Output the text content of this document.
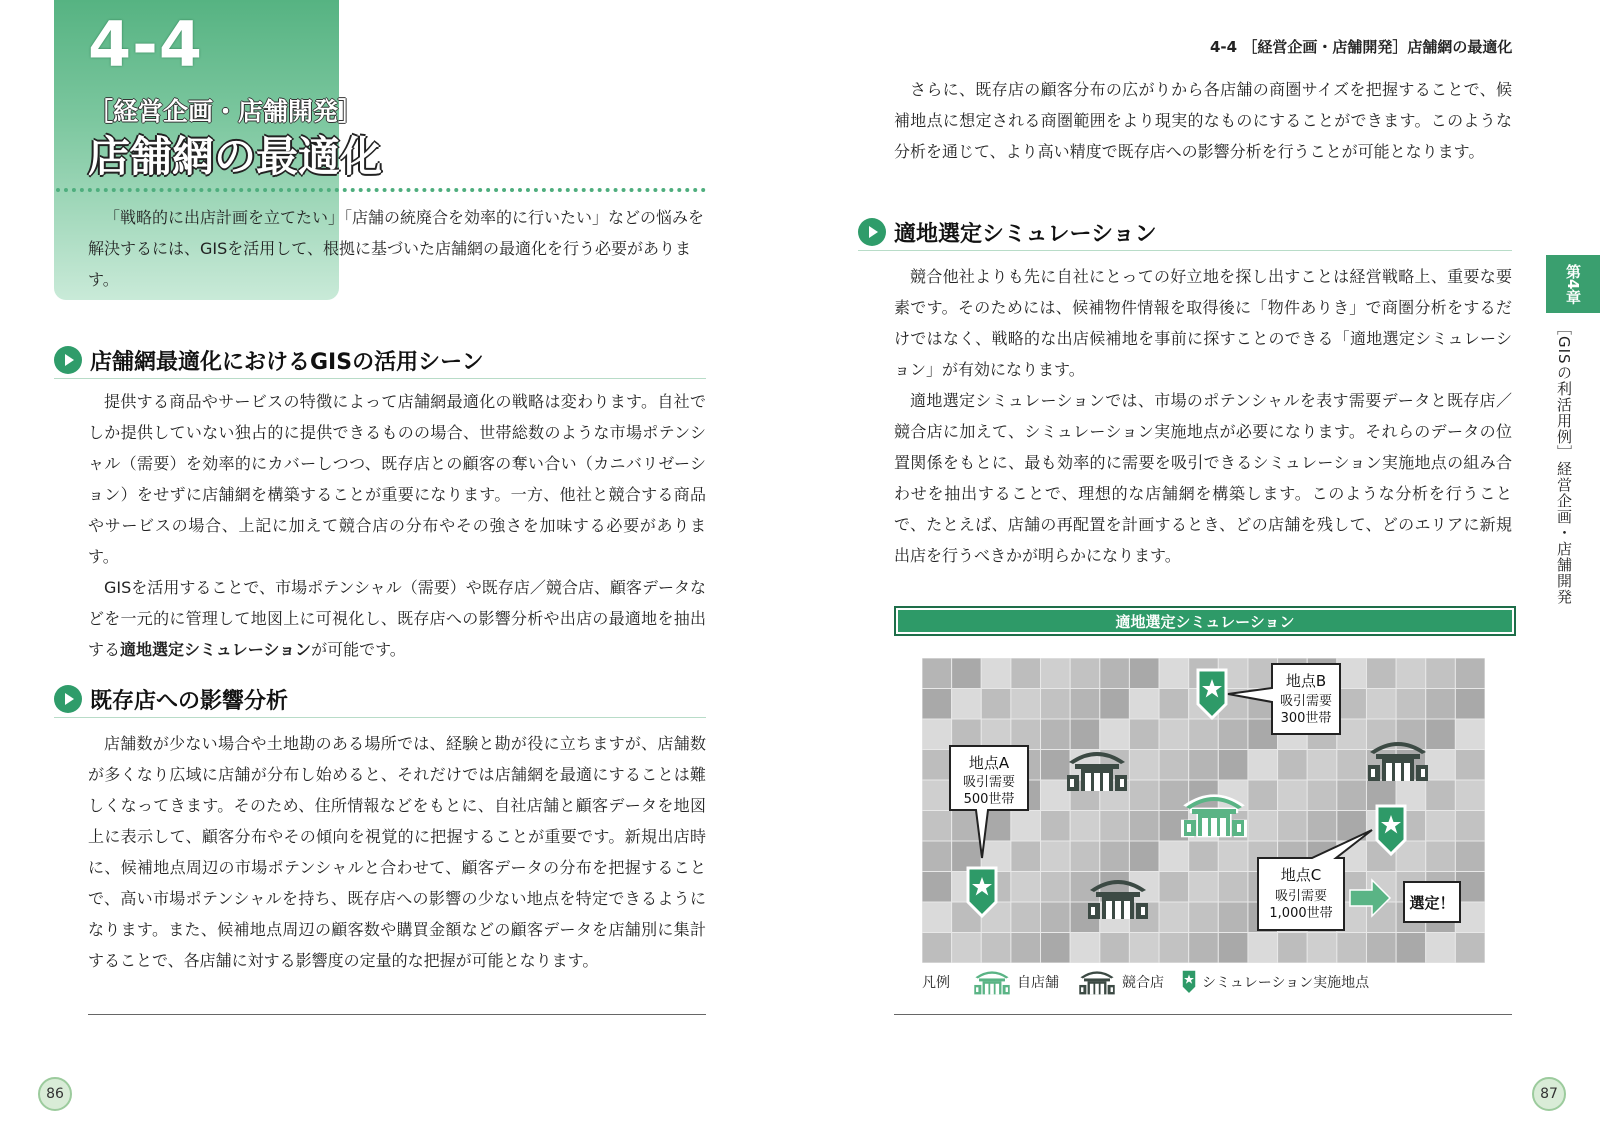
4-4
［経営企画・店舗開発］
店舗網の最適化
「戦略的に出店計画を立てたい」「店舗の統廃合を効率的に行いたい」などの悩みを解決するには、GISを活用して、根拠に基づいた店舗網の最適化を行う必要があります。
店舗網最適化におけるGISの活用シーン

提供する商品やサービスの特徴によって店舗網最適化の戦略は変わります。自社でしか提供していない独占的に提供できるものの場合、世帯総数のような市場ポテンシャル（需要）を効率的にカバーしつつ、既存店との顧客の奪い合い（カニバリゼーション）をせずに店舗網を構築することが重要になります。一方、他社と競合する商品やサービスの場合、上記に加えて競合店の分布やその強さを加味する必要があります。

GISを活用することで、市場ポテンシャル（需要）や既存店／競合店、顧客データなどを一元的に管理して地図上に可視化し、既存店への影響分析や出店の最適地を抽出する適地選定シミュレーションが可能です。

既存店への影響分析

店舗数が少ない場合や土地勘のある場所では、経験と勘が役に立ちますが、店舗数が多くなり広域に店舗が分布し始めると、それだけでは店舗網を最適にすることは難しくなってきます。そのため、住所情報などをもとに、自社店舗と顧客データを地図上に表示して、顧客分布やその傾向を視覚的に把握することが重要です。新規出店時に、候補地点周辺の市場ポテンシャルと合わせて、顧客データの分布を把握することで、高い市場ポテンシャルを持ち、既存店への影響の少ない地点を特定できるようになります。また、候補地点周辺の顧客数や購買金額などの顧客データを店舗別に集計することで、各店舗に対する影響度の定量的な把握が可能となります。

86
4-4 ［経営企画・店舗開発］店舗網の最適化

さらに、既存店の顧客分布の広がりから各店舗の商圏サイズを把握することで、候補地点に想定される商圏範囲をより現実的なものにすることができます。このような分析を通じて、より高い精度で既存店への影響分析を行うことが可能となります。

適地選定シミュレーション

競合他社よりも先に自社にとっての好立地を探し出すことは経営戦略上、重要な要素です。そのためには、候補物件情報を取得後に「物件ありき」で商圏分析をするだけではなく、戦略的な出店候補地を事前に探すことのできる「適地選定シミュレーション」が有効になります。

適地選定シミュレーションでは、市場のポテンシャルを表す需要データと既存店／競合店に加えて、シミュレーション実施地点が必要になります。それらのデータの位置関係をもとに、最も効率的に需要を吸引できるシミュレーション実施地点の組み合わせを抽出することで、理想的な店舗網を構築します。このような分析を行うことで、たとえば、店舗の再配置を計画するとき、どの店舗を残して、どのエリアに新規出店を行うべきかが明らかになります。

第4章
［GISの利活用例］経営企画・店舗開発
適地選定シミュレーション
地点A
吸引需要
500世帯
地点B
吸引需要
300世帯
地点C
吸引需要
1,000世帯
選定！
凡例	自店舗	競合店	シミュレーション実施地点
87
